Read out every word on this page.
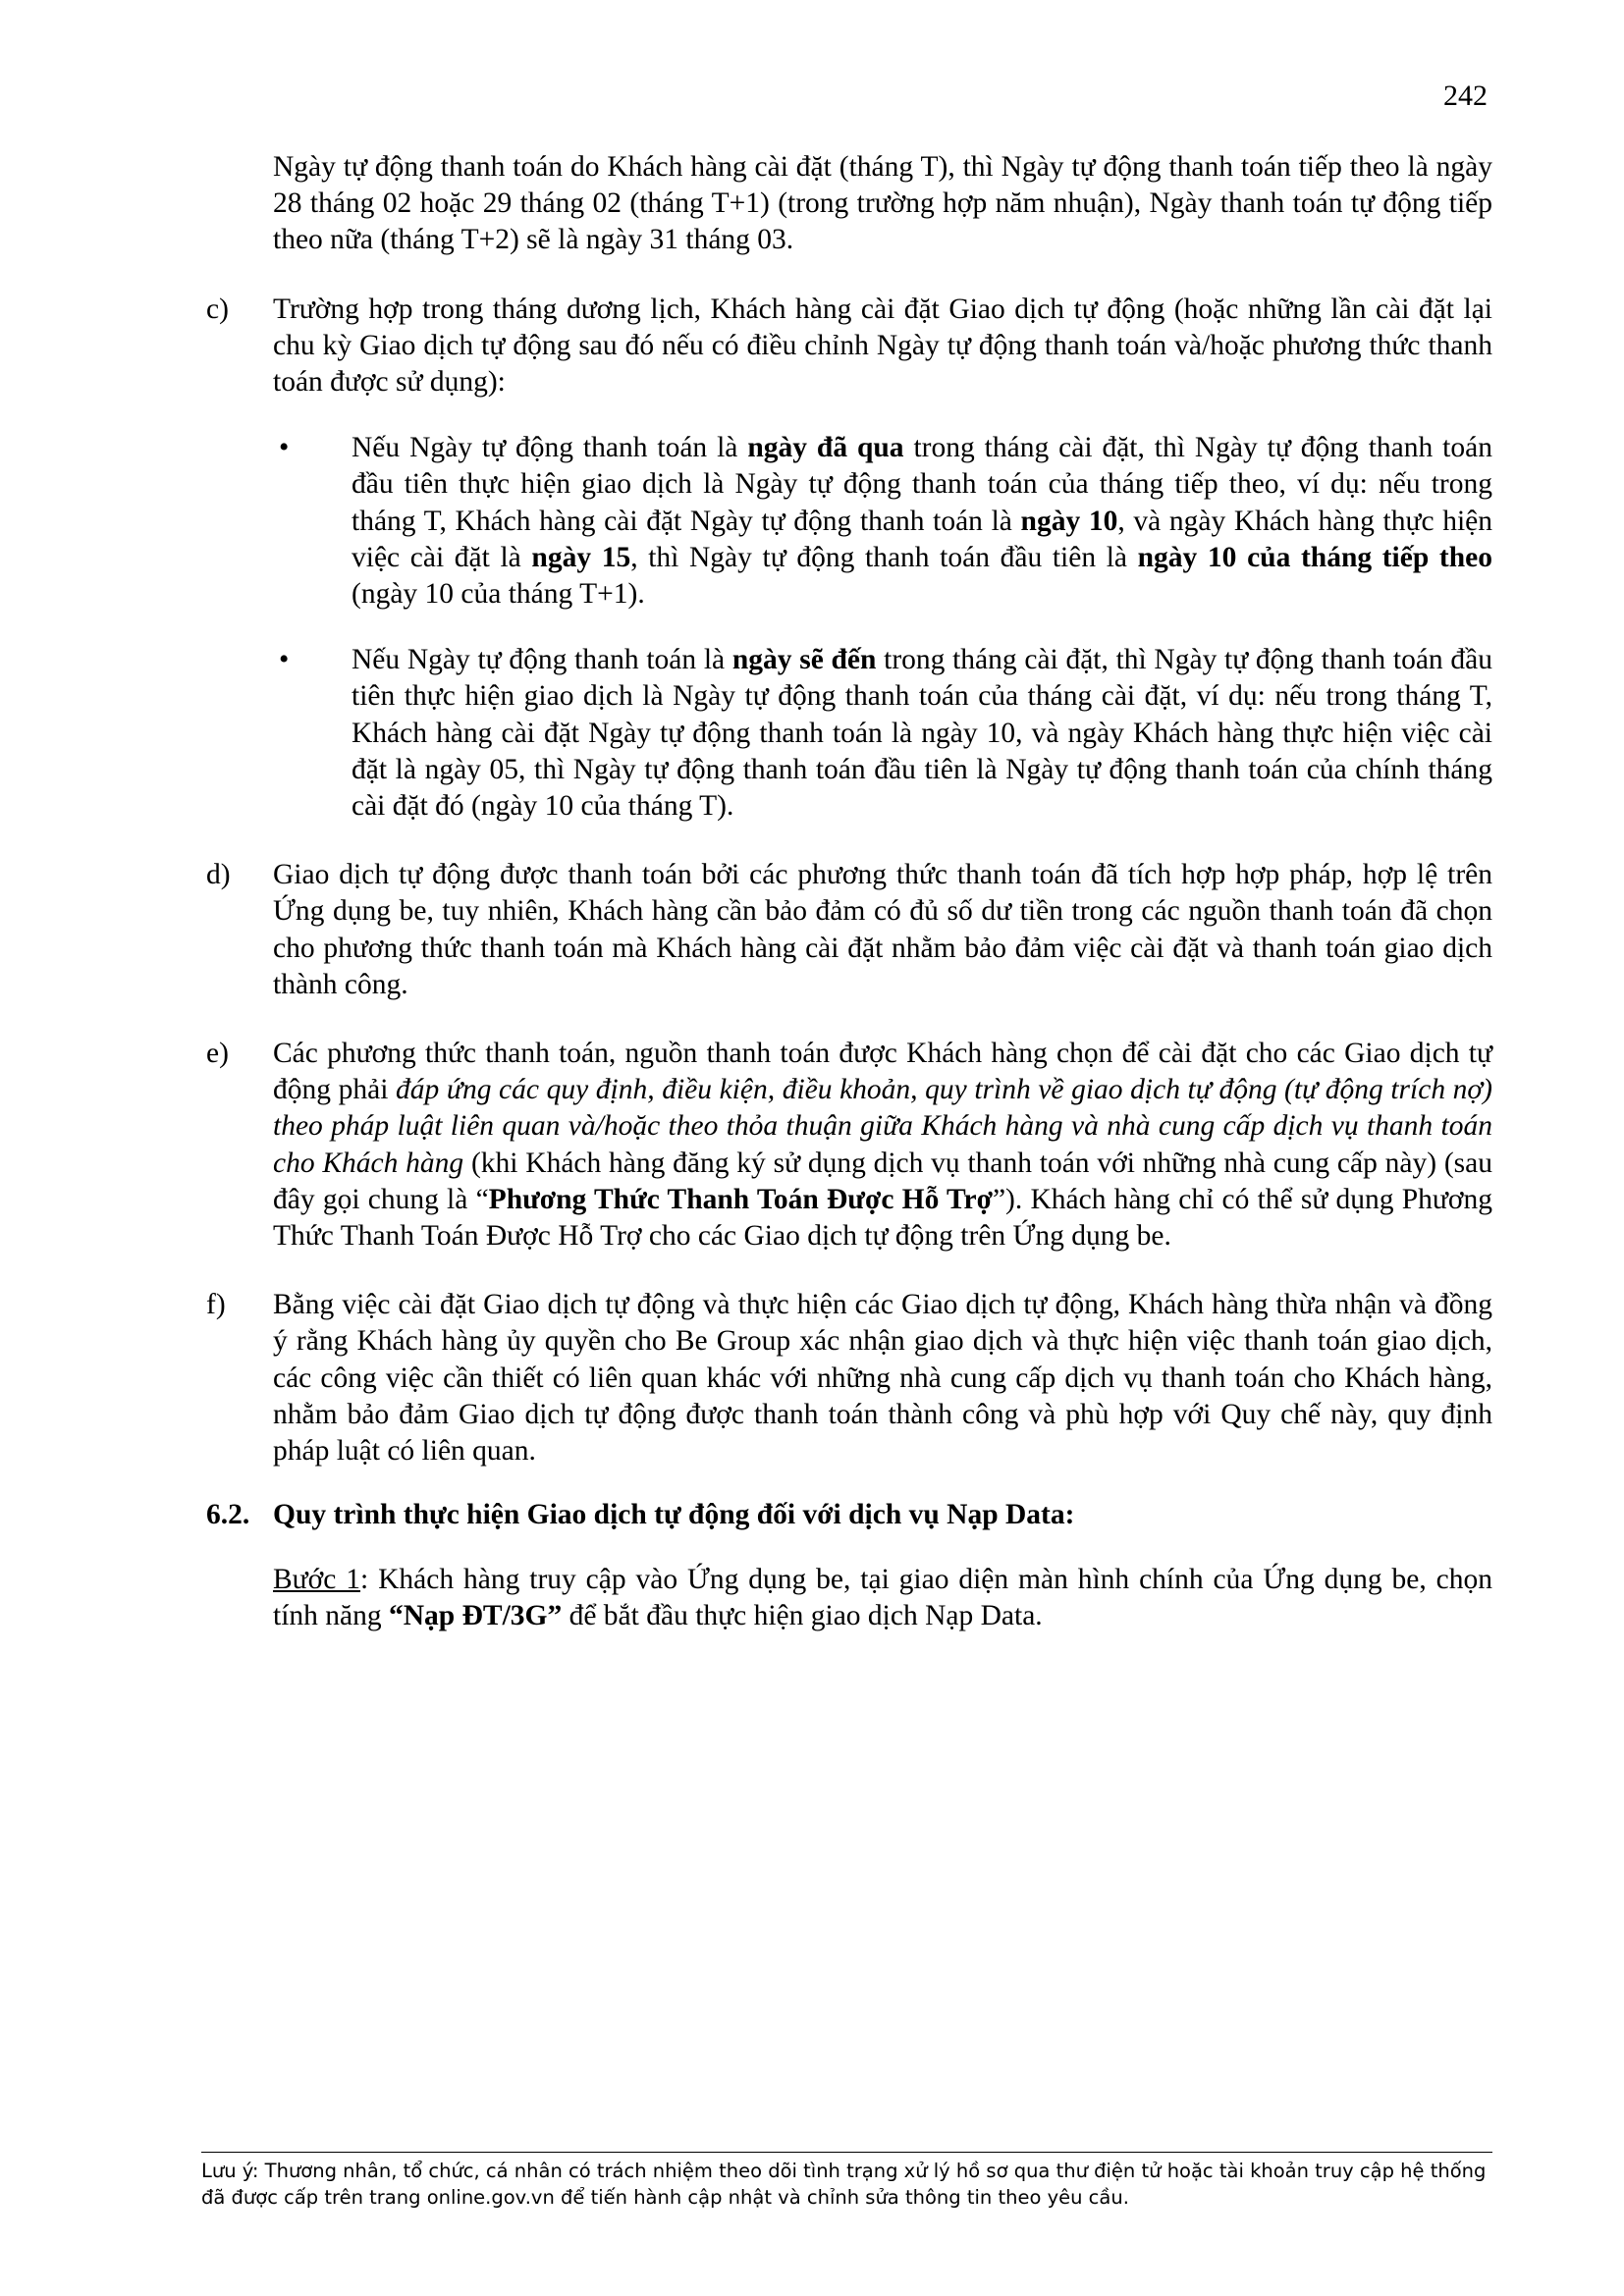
242

Ngày tự động thanh toán do Khách hàng cài đặt (tháng T), thì Ngày tự động thanh toán tiếp theo là ngày 28 tháng 02 hoặc 29 tháng 02 (tháng T+1) (trong trường hợp năm nhuận), Ngày thanh toán tự động tiếp theo nữa (tháng T+2) sẽ là ngày 31 tháng 03.

c)	Trường hợp trong tháng dương lịch, Khách hàng cài đặt Giao dịch tự động (hoặc những lần cài đặt lại chu kỳ Giao dịch tự động sau đó nếu có điều chỉnh Ngày tự động thanh toán và/hoặc phương thức thanh toán được sử dụng):
•	Nếu Ngày tự động thanh toán là ngày đã qua trong tháng cài đặt, thì Ngày tự động thanh toán đầu tiên thực hiện giao dịch là Ngày tự động thanh toán của tháng tiếp theo, ví dụ: nếu trong tháng T, Khách hàng cài đặt Ngày tự động thanh toán là ngày 10, và ngày Khách hàng thực hiện việc cài đặt là ngày 15, thì Ngày tự động thanh toán đầu tiên là ngày 10 của tháng tiếp theo (ngày 10 của tháng T+1).
•	Nếu Ngày tự động thanh toán là ngày sẽ đến trong tháng cài đặt, thì Ngày tự động thanh toán đầu tiên thực hiện giao dịch là Ngày tự động thanh toán của tháng cài đặt, ví dụ: nếu trong tháng T, Khách hàng cài đặt Ngày tự động thanh toán là ngày 10, và ngày Khách hàng thực hiện việc cài đặt là ngày 05, thì Ngày tự động thanh toán đầu tiên là Ngày tự động thanh toán của chính tháng cài đặt đó (ngày 10 của tháng T).
d)	Giao dịch tự động được thanh toán bởi các phương thức thanh toán đã tích hợp hợp pháp, hợp lệ trên Ứng dụng be, tuy nhiên, Khách hàng cần bảo đảm có đủ số dư tiền trong các nguồn thanh toán đã chọn cho phương thức thanh toán mà Khách hàng cài đặt nhằm bảo đảm việc cài đặt và thanh toán giao dịch thành công.
e)	Các phương thức thanh toán, nguồn thanh toán được Khách hàng chọn để cài đặt cho các Giao dịch tự động phải đáp ứng các quy định, điều kiện, điều khoản, quy trình về giao dịch tự động (tự động trích nợ) theo pháp luật liên quan và/hoặc theo thỏa thuận giữa Khách hàng và nhà cung cấp dịch vụ thanh toán cho Khách hàng (khi Khách hàng đăng ký sử dụng dịch vụ thanh toán với những nhà cung cấp này) (sau đây gọi chung là “Phương Thức Thanh Toán Được Hỗ Trợ”). Khách hàng chỉ có thể sử dụng Phương Thức Thanh Toán Được Hỗ Trợ cho các Giao dịch tự động trên Ứng dụng be.
f)	Bằng việc cài đặt Giao dịch tự động và thực hiện các Giao dịch tự động, Khách hàng thừa nhận và đồng ý rằng Khách hàng ủy quyền cho Be Group xác nhận giao dịch và thực hiện việc thanh toán giao dịch, các công việc cần thiết có liên quan khác với những nhà cung cấp dịch vụ thanh toán cho Khách hàng, nhằm bảo đảm Giao dịch tự động được thanh toán thành công và phù hợp với Quy chế này, quy định pháp luật có liên quan.
6.2. Quy trình thực hiện Giao dịch tự động đối với dịch vụ Nạp Data:

Bước 1: Khách hàng truy cập vào Ứng dụng be, tại giao diện màn hình chính của Ứng dụng be, chọn tính năng “Nạp ĐT/3G” để bắt đầu thực hiện giao dịch Nạp Data.

Lưu ý: Thương nhân, tổ chức, cá nhân có trách nhiệm theo dõi tình trạng xử lý hồ sơ qua thư điện tử hoặc tài khoản truy cập hệ thống đã được cấp trên trang online.gov.vn để tiến hành cập nhật và chỉnh sửa thông tin theo yêu cầu.
